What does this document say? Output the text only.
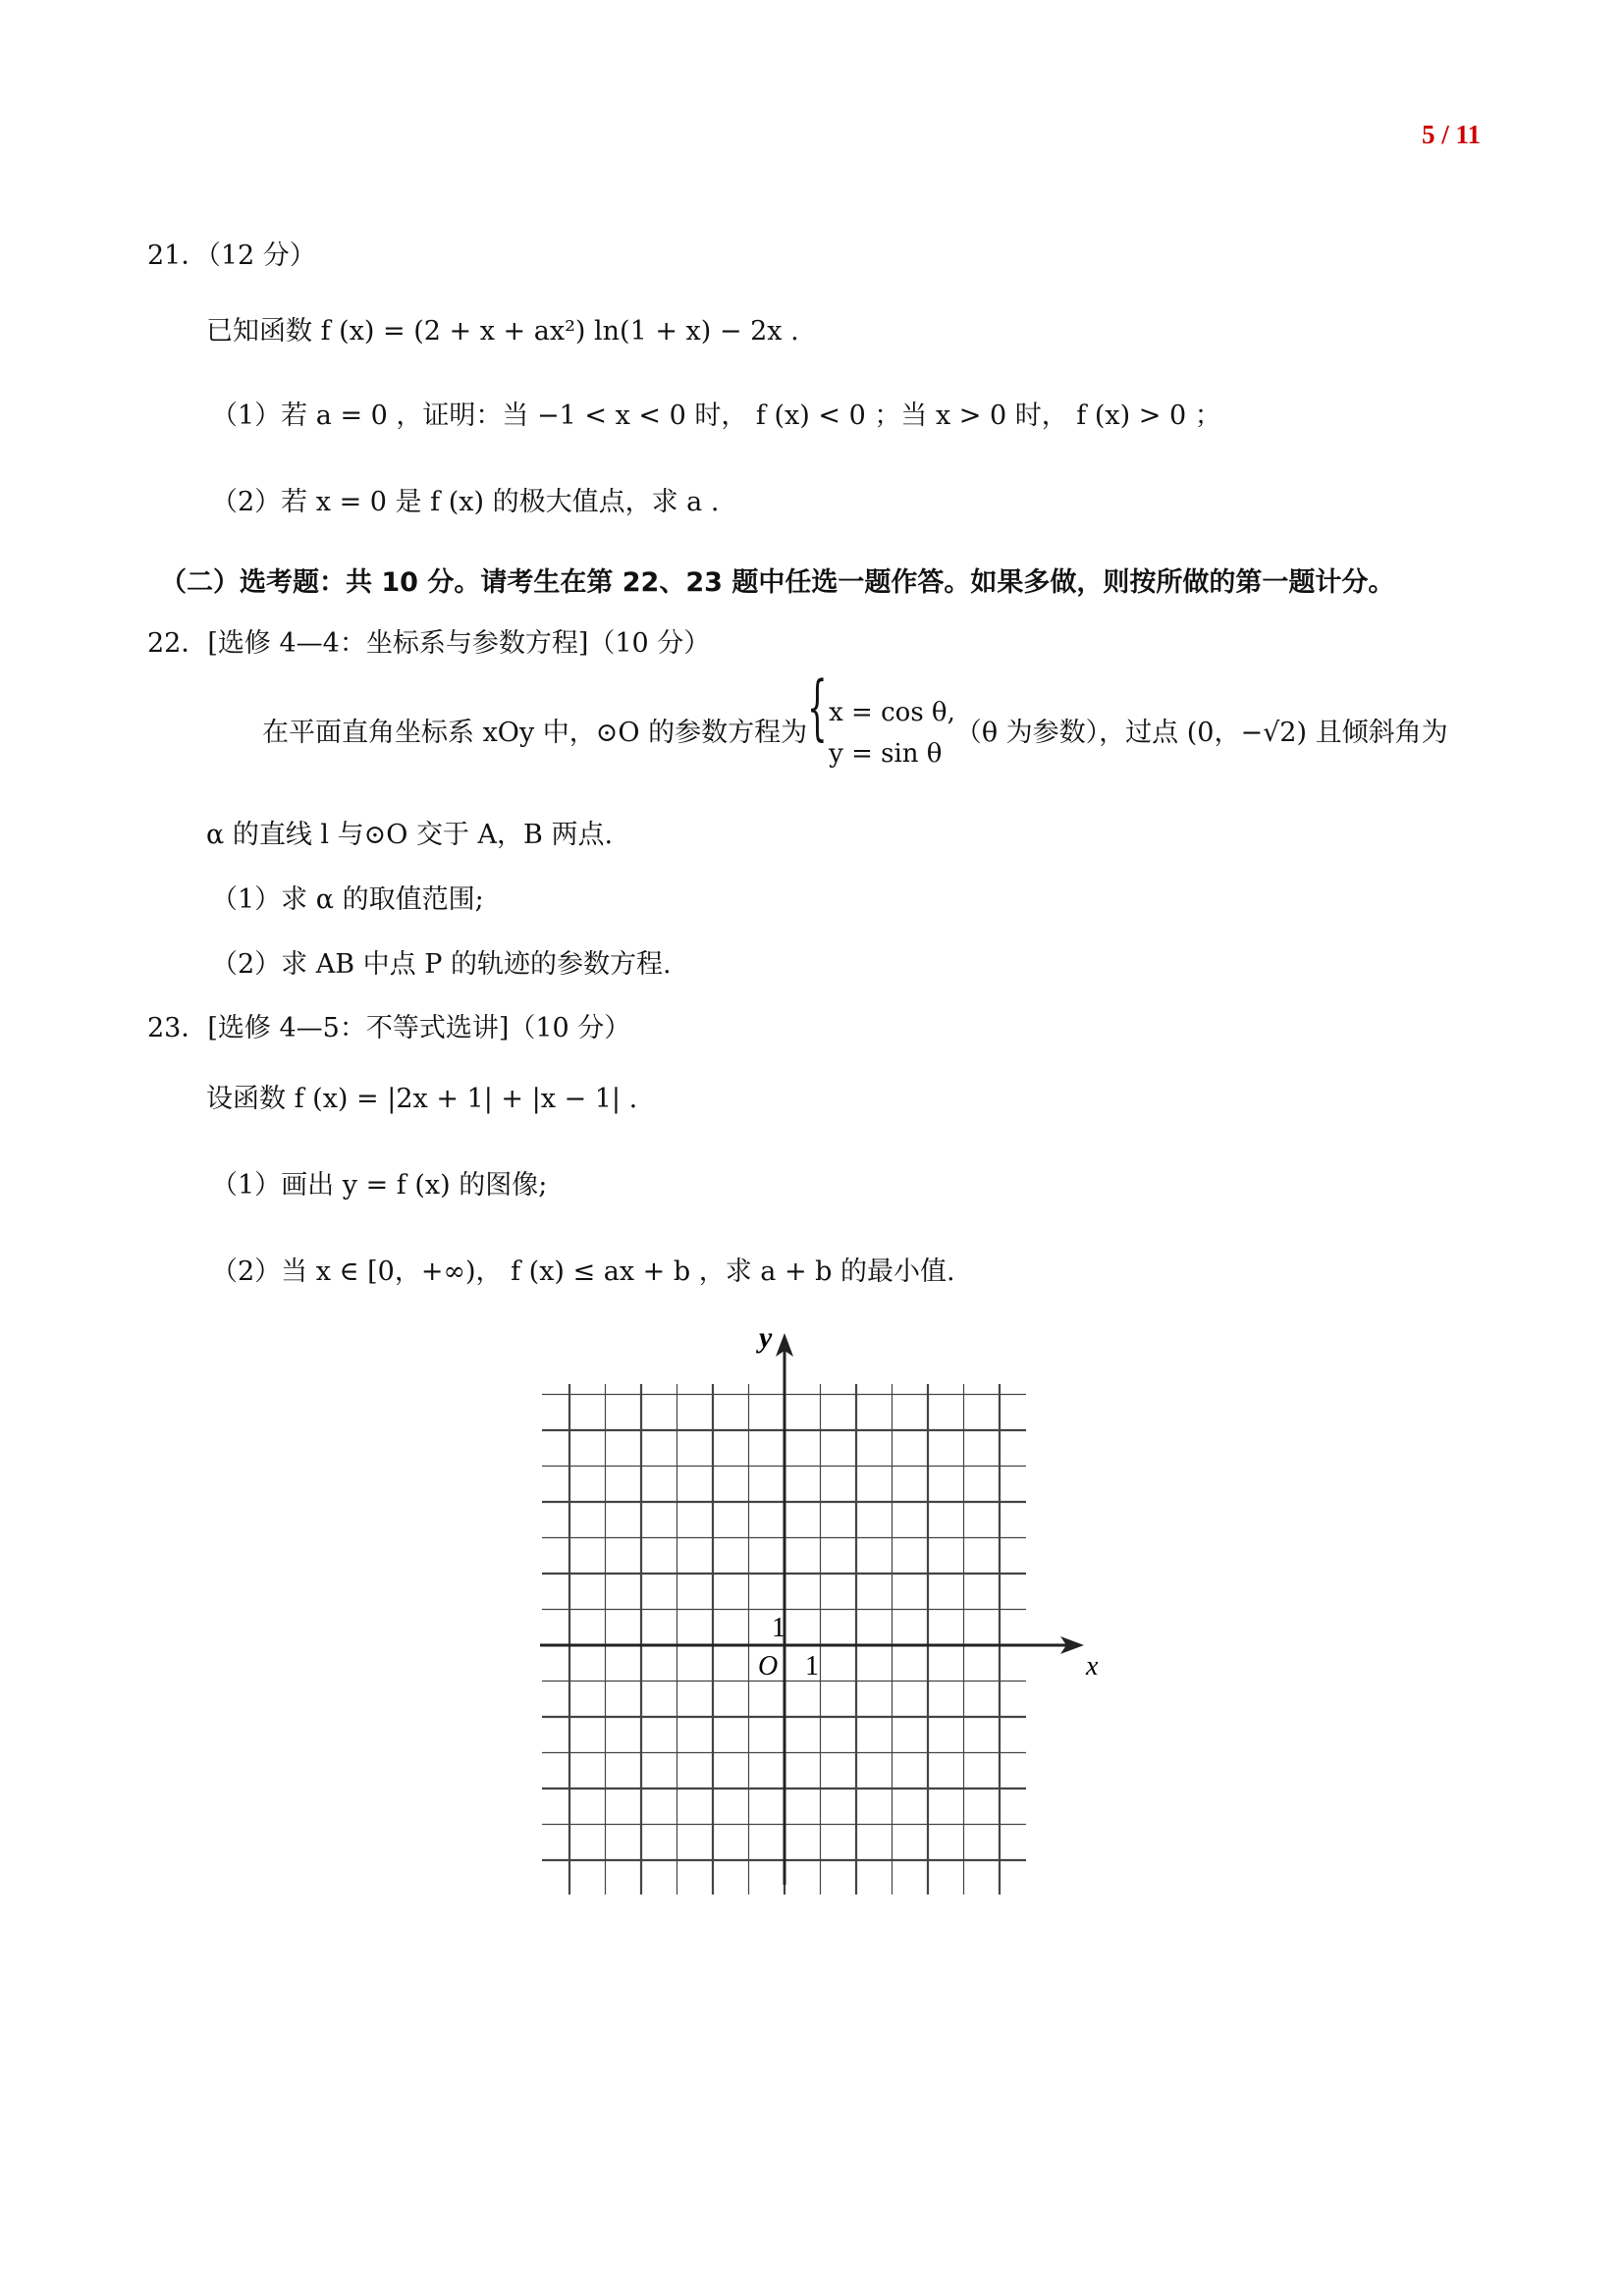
5 / 11
21．（12 分）
已知函数 f (x) = (2 + x + ax²) ln(1 + x) − 2x .
（1）若 a = 0 ，证明：当 −1 < x < 0 时， f (x) < 0 ；当 x > 0 时， f (x) > 0 ；
（2）若 x = 0 是 f (x) 的极大值点，求 a .
（二）选考题：共 10 分。请考生在第 22、23 题中任选一题作答。如果多做，则按所做的第一题计分。
22．[选修 4—4：坐标系与参数方程]（10 分）
在平面直角坐标系 xOy 中，⊙O 的参数方程为
{ x = cos θ,
y = sin θ
（θ 为参数），过点 (0，−√2) 且倾斜角为
α 的直线 l 与⊙O 交于 A，B 两点.
（1）求 α 的取值范围;
（2）求 AB 中点 P 的轨迹的参数方程.
23．[选修 4—5：不等式选讲]（10 分）
设函数 f (x) = |2x + 1| + |x − 1| .
（1）画出 y = f (x) 的图像;
（2）当 x ∈ [0，+∞)， f (x) ≤ ax + b ，求 a + b 的最小值.
x
y
O 1
1
